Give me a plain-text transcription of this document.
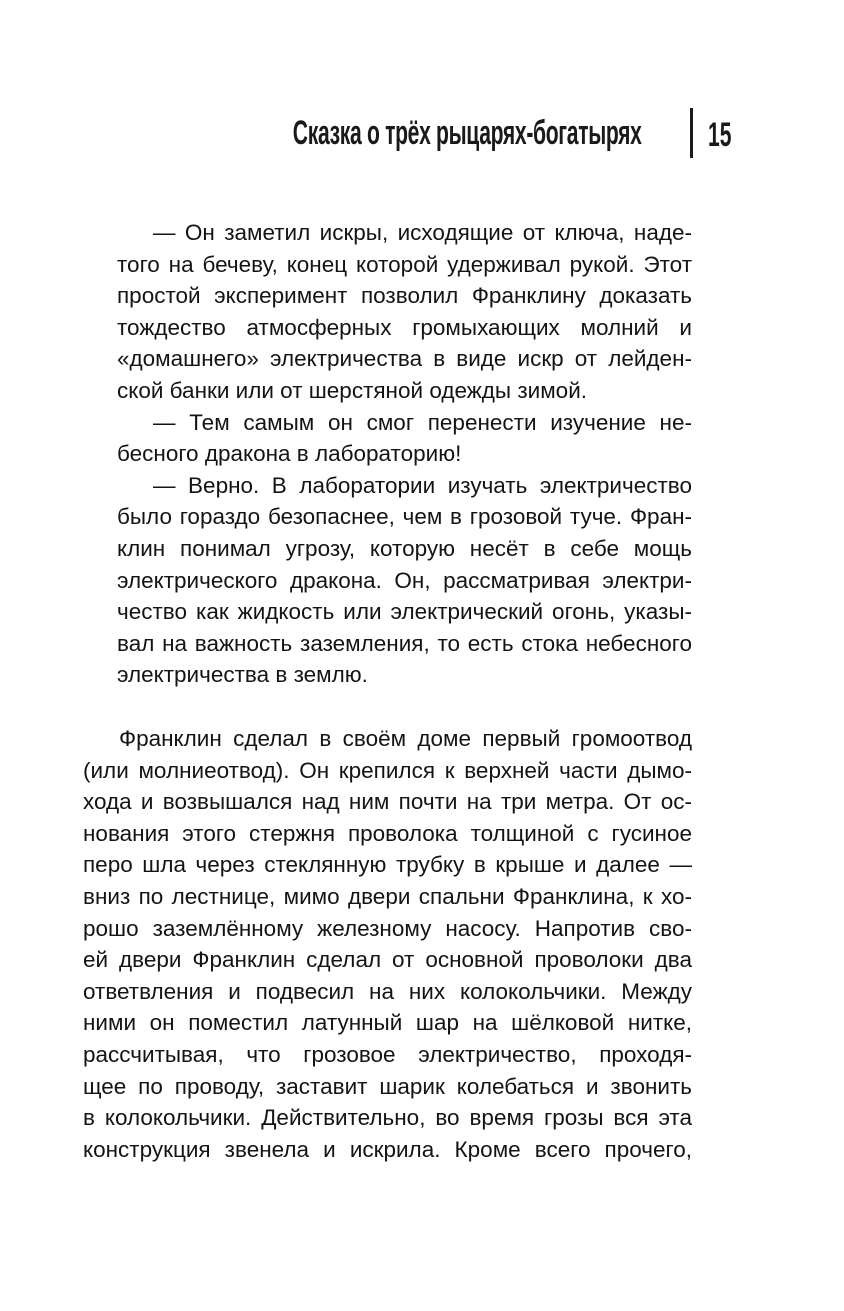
Сказка о трёх рыцарях-богатырях 15
— Он заметил искры, исходящие от ключа, наде-
того на бечеву, конец которой удерживал рукой. Этот
простой эксперимент позволил Франклину доказать
тождество атмосферных громыхающих молний и
«домашнего» электричества в виде искр от лейден-
ской банки или от шерстяной одежды зимой.
— Тем самым он смог перенести изучение не-
бесного дракона в лабораторию!
— Верно. В лаборатории изучать электричество
было гораздо безопаснее, чем в грозовой туче. Фран-
клин понимал угрозу, которую несёт в себе мощь
электрического дракона. Он, рассматривая электри-
чество как жидкость или электрический огонь, указы-
вал на важность заземления, то есть стока небесного
электричества в землю.
Франклин сделал в своём доме первый громоотвод
(или молниеотвод). Он крепился к верхней части дымо-
хода и возвышался над ним почти на три метра. От ос-
нования этого стержня проволока толщиной с гусиное
перо шла через стеклянную трубку в крыше и далее —
вниз по лестнице, мимо двери спальни Франклина, к хо-
рошо заземлённому железному насосу. Напротив сво-
ей двери Франклин сделал от основной проволоки два
ответвления и подвесил на них колокольчики. Между
ними он поместил латунный шар на шёлковой нитке,
рассчитывая, что грозовое электричество, проходя-
щее по проводу, заставит шарик колебаться и звонить
в колокольчики. Действительно, во время грозы вся эта
конструкция звенела и искрила. Кроме всего прочего,
